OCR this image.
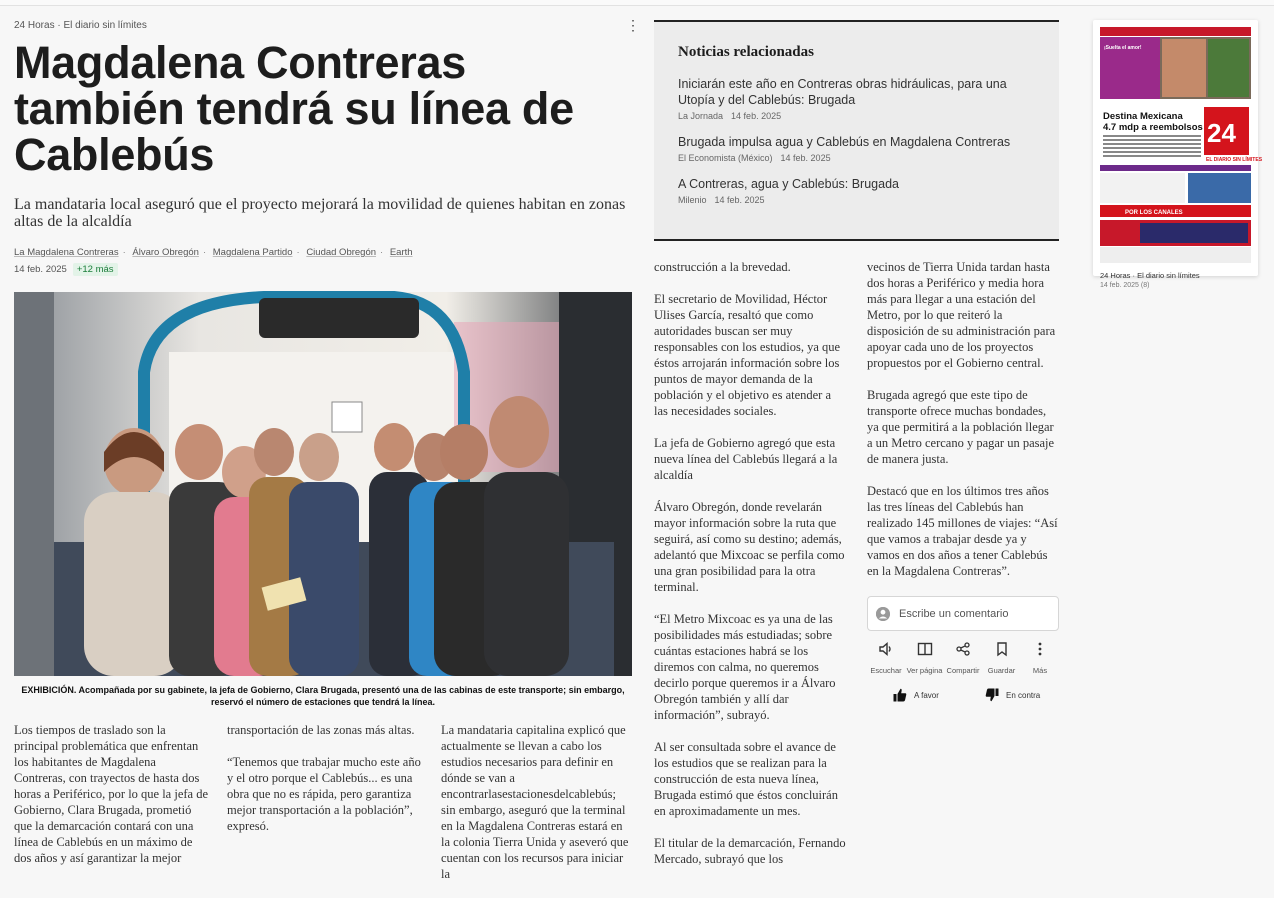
24 Horas · El diario sin límites	⋮
Magdalena Contreras también tendrá su línea de Cablebús

La mandataria local aseguró que el proyecto mejorará la movilidad de quienes habitan en zonas altas de la alcaldía

La Magdalena Contreras · Álvaro Obregón · Magdalena Partido · Ciudad Obregón · Earth
14 feb. 2025 +12 más

EXHIBICIÓN. Acompañada por su gabinete, la jefa de Gobierno, Clara Brugada, presentó una de las cabinas de este transporte; sin embargo, reservó el número de estaciones que tendrá la línea.

Los tiempos de traslado son la principal problemática que enfrentan los habitantes de Magdalena Contreras, con trayectos de hasta dos horas a Periférico, por lo que la jefa de Gobierno, Clara Brugada, prometió que la demarcación contará con una línea de Cablebús en un máximo de dos años y así garantizar la mejor

transportación de las zonas más altas.

“Tenemos que trabajar mucho este año y el otro porque el Cablebús... es una obra que no es rápida, pero garantiza mejor transportación a la población”, expresó.

La mandataria capitalina explicó que actualmente se llevan a cabo los estudios necesarios para definir en dónde se van a encontrarlasestacionesdelcablebús; sin embargo, aseguró que la terminal en la Magdalena Contreras estará en la colonia Tierra Unida y aseveró que cuentan con los recursos para iniciar la

construcción a la brevedad.

El secretario de Movilidad, Héctor Ulises García, resaltó que como autoridades buscan ser muy responsables con los estudios, ya que éstos arrojarán información sobre los puntos de mayor demanda de la población y el objetivo es atender a las necesidades sociales.

La jefa de Gobierno agregó que esta nueva línea del Cablebús llegará a la alcaldía

Álvaro Obregón, donde revelarán mayor información sobre la ruta que seguirá, así como su destino; además, adelantó que Mixcoac se perfila como una gran posibilidad para la otra terminal.

“El Metro Mixcoac es ya una de las posibilidades más estudiadas; sobre cuántas estaciones habrá se los diremos con calma, no queremos decirlo porque queremos ir a Álvaro Obregón también y allí dar información”, subrayó.

Al ser consultada sobre el avance de los estudios que se realizan para la construcción de esta nueva línea, Brugada estimó que éstos concluirán en aproximadamente un mes.

El titular de la demarcación, Fernando Mercado, subrayó que los

vecinos de Tierra Unida tardan hasta dos horas a Periférico y media hora más para llegar a una estación del Metro, por lo que reiteró la disposición de su administración para apoyar cada uno de los proyectos propuestos por el Gobierno central.

Brugada agregó que este tipo de transporte ofrece muchas bondades, ya que permitirá a la población llegar a un Metro cercano y pagar un pasaje de manera justa.

Destacó que en los últimos tres años las tres líneas del Cablebús han realizado 145 millones de viajes: “Así que vamos a trabajar desde ya y vamos en dos años a tener Cablebús en la Magdalena Contreras”.

Noticias relacionadas
Iniciarán este año en Contreras obras hidráulicas, para una Utopía y del Cablebús: Brugada
La Jornada 14 feb. 2025
Brugada impulsa agua y Cablebús en Magdalena Contreras
El Economista (México) 14 feb. 2025
A Contreras, agua y Cablebús: Brugada
Milenio 14 feb. 2025
Escribe un comentario
Escuchar Ver página Compartir	Guardar	Más
A favor	En contra
¡Suelta el amor!
Destina Mexicana
4.7 mdp a reembolsos 24
EL DIARIO SIN LÍMITES
POR LOS CANALES
24 Horas · El diario sin límites
14 feb. 2025 (8)
